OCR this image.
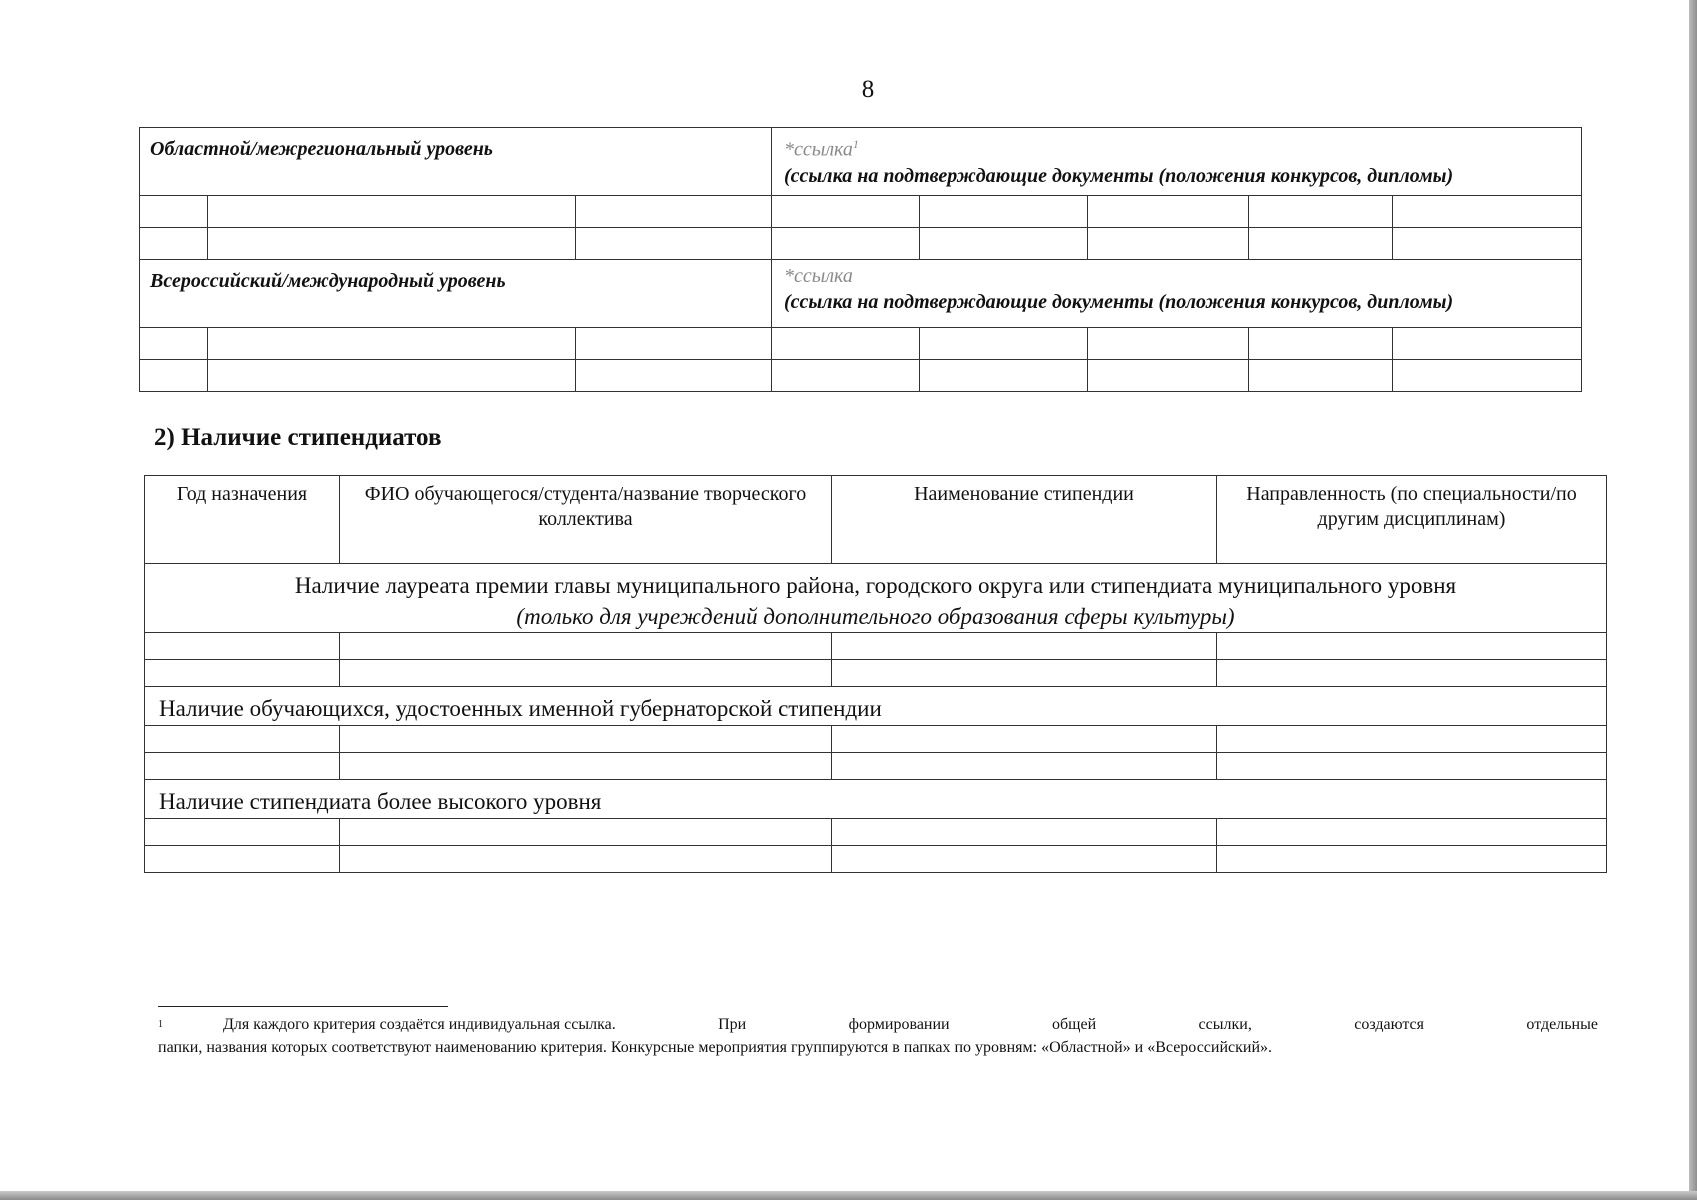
8
Областной/межрегиональный уровень			*ссылка$^1$
(ссылка на подтверждающие документы (положения конкурсов, дипломы)				

Всероссийский/международный уровень			*ссылка
(ссылка на подтверждающие документы (положения конкурсов, дипломы)				

2) Наличие стипендиатов
Год назначения	ФИО обучающегося/студента/название творческого коллектива	Наименование стипендии	Направленность (по специальности/по другим дисциплинам)

Наличие лауреата премии главы муниципального района, городского округа или стипендиата муниципального уровня
(только для учреждений дополнительного образования сферы культуры)			

Наличие обучающихся, удостоенных именной губернаторской стипендии			

Наличие стипендиата более высокого уровня			

$^1$	Для каждого критерия создаётся индивидуальная ссылка.	При	формировании	общей	ссылки,	создаются	отдельные
папки, названия которых соответствуют наименованию критерия. Конкурсные мероприятия группируются в папках по уровням: «Областной» и «Всероссийский».
